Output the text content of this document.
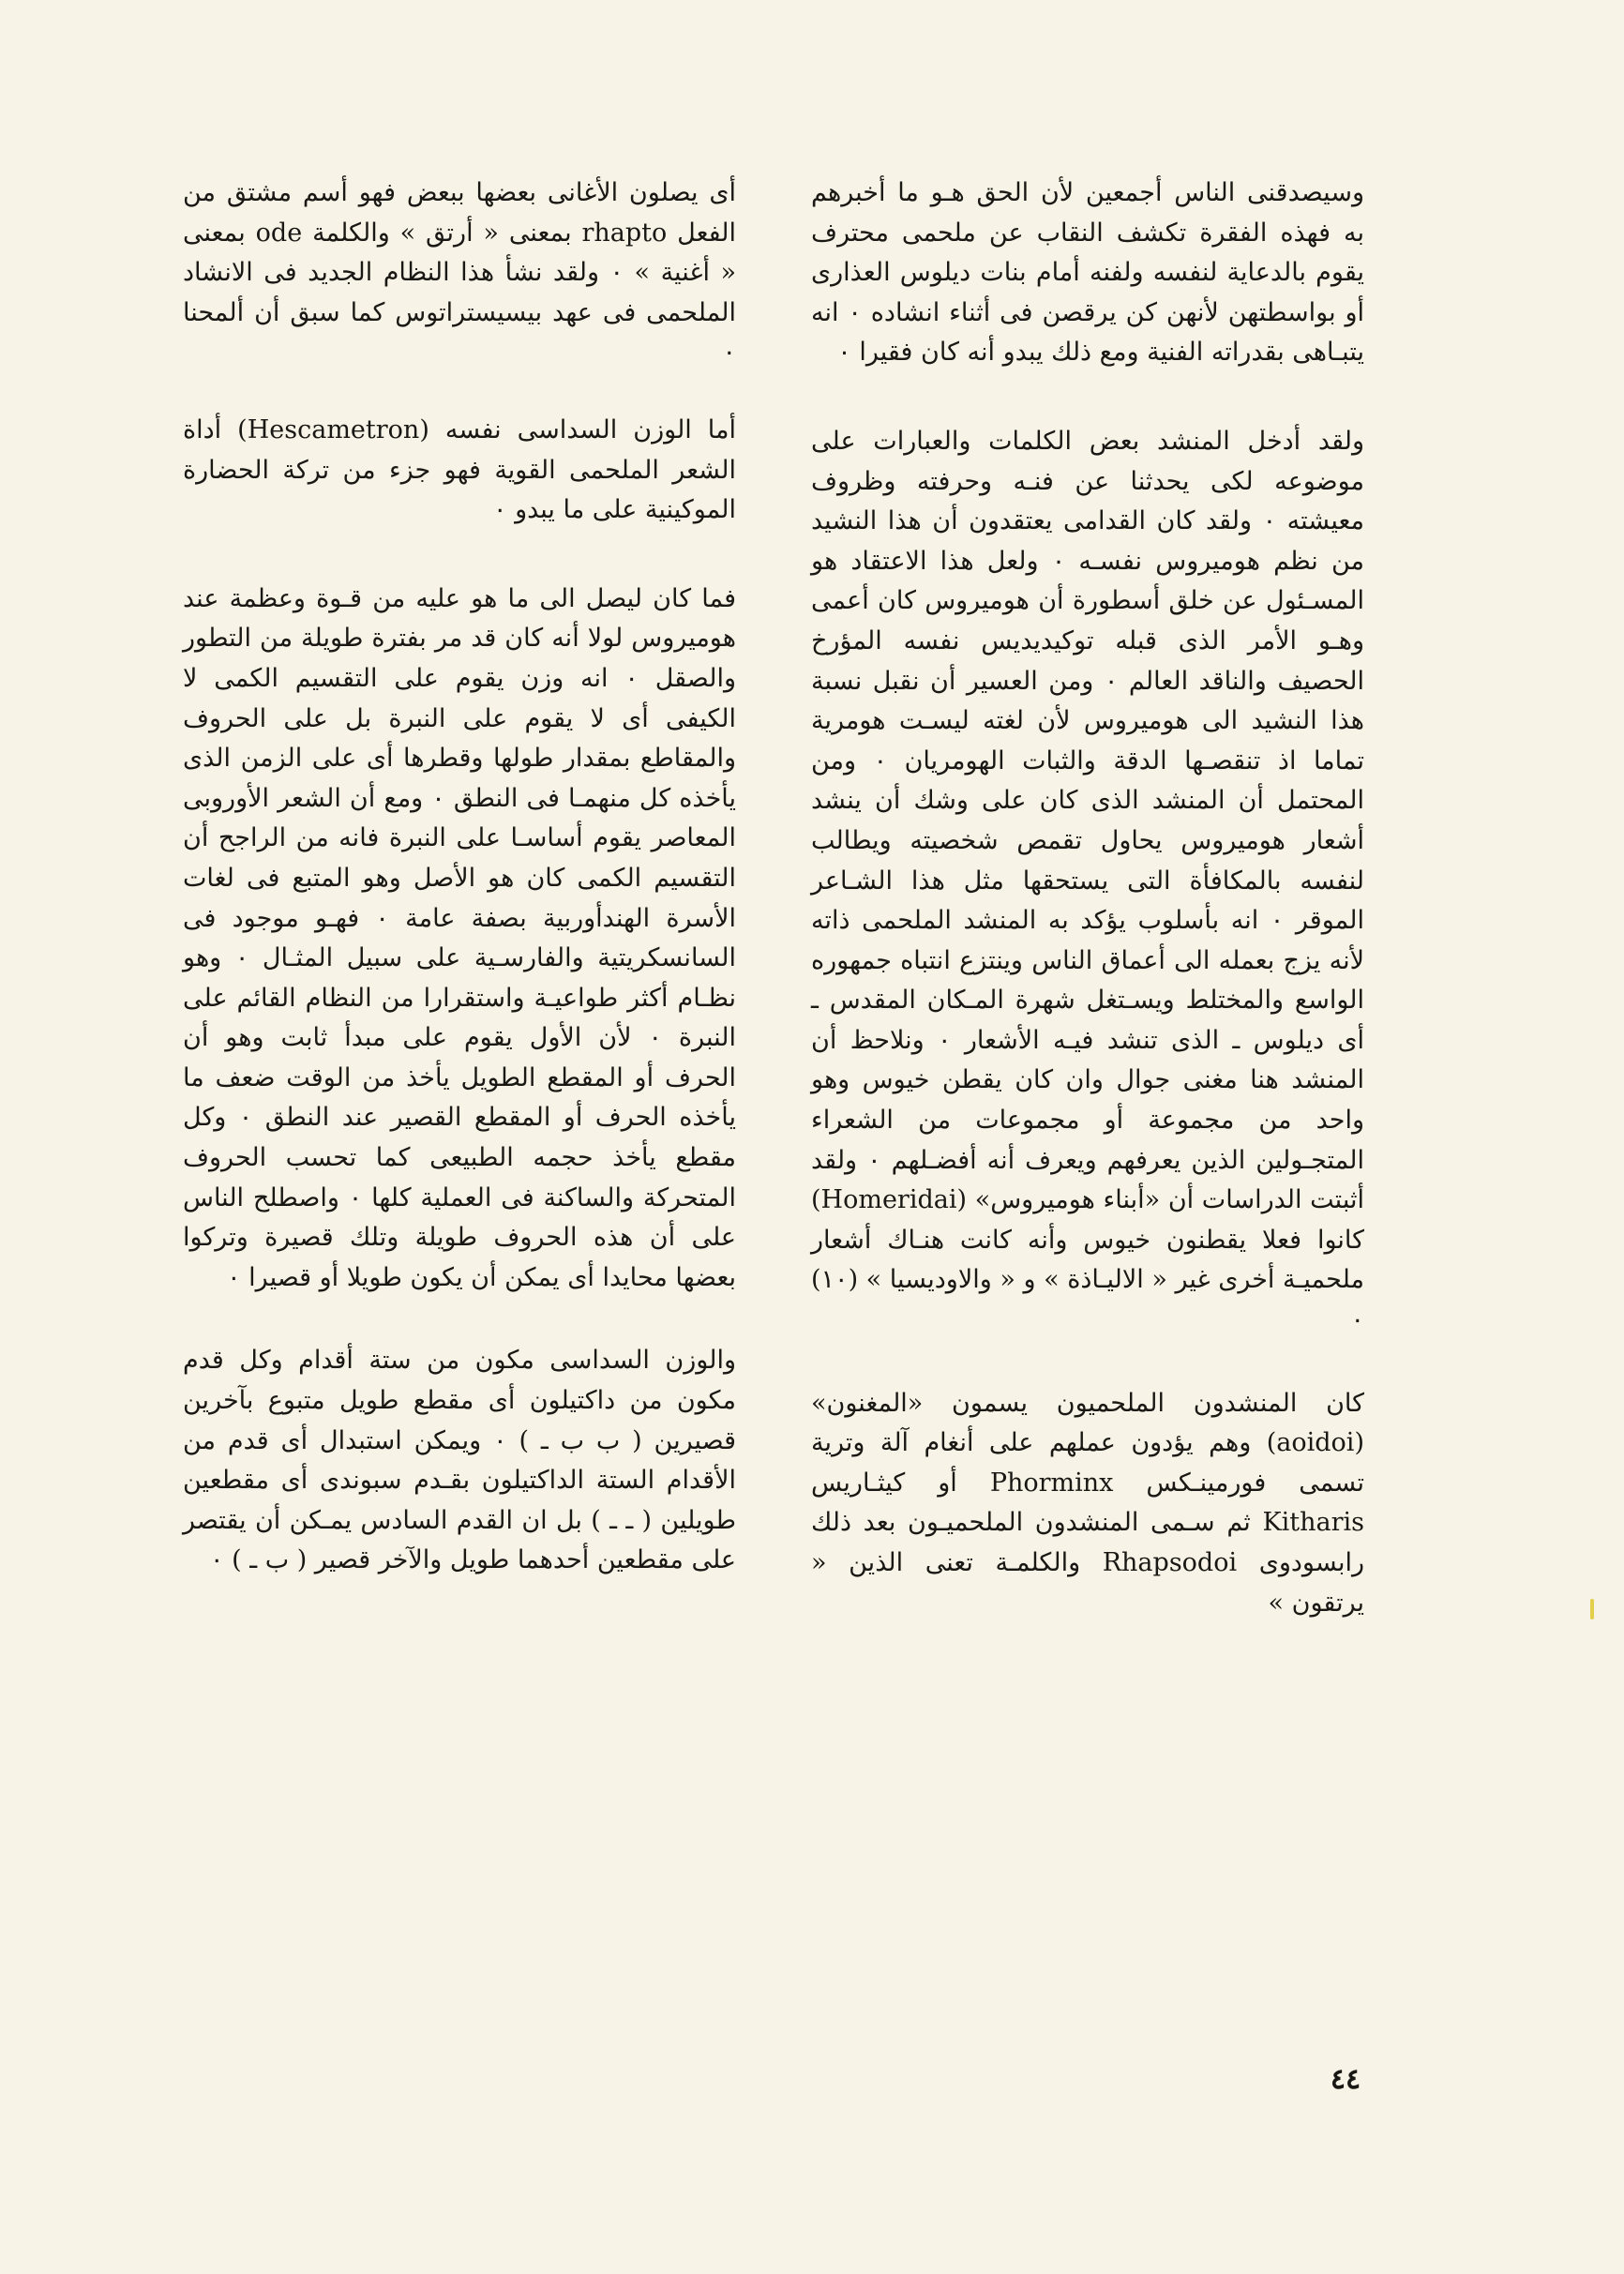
وسيصدقنى الناس أجمعين لأن الحق هـو ما أخبرهم به فهذه الفقرة تكشف النقاب عن ملحمى محترف يقوم بالدعاية لنفسه ولفنه أمام بنات ديلوس العذارى أو بواسطتهن لأنهن كن يرقصن فى أثناء انشاده ٠ انه يتبـاهى بقدراته الفنية ومع ذلك يبدو أنه كان فقيرا ٠

ولقد أدخل المنشد بعض الكلمات والعبارات على موضوعه لكى يحدثنا عن فنـه وحرفته وظروف معيشته ٠ ولقد كان القدامى يعتقدون أن هذا النشيد من نظم هوميروس نفسـه ٠ ولعل هذا الاعتقاد هو المسـئول عن خلق أسطورة أن هوميروس كان أعمى وهـو الأمر الذى قبله توكيديديس نفسه المؤرخ الحصيف والناقد العالم ٠ ومن العسير أن نقبل نسبة هذا النشيد الى هوميروس لأن لغته ليسـت هومرية تماما اذ تنقصـها الدقة والثبات الهومريان ٠ ومن المحتمل أن المنشد الذى كان على وشك أن ينشد أشعار هوميروس يحاول تقمص شخصيته ويطالب لنفسه بالمكافأة التى يستحقها مثل هذا الشـاعر الموقر ٠ انه بأسلوب يؤكد به المنشد الملحمى ذاته لأنه يزج بعمله الى أعماق الناس وينتزع انتباه جمهوره الواسع والمختلط ويسـتغل شهرة المـكان المقدس ـ أى ديلوس ـ الذى تنشد فيـه الأشعار ٠ ونلاحظ أن المنشد هنا مغنى جوال وان كان يقطن خيوس وهو واحد من مجموعة أو مجموعات من الشعراء المتجـولين الذين يعرفهم ويعرف أنه أفضـلهم ٠ ولقد أثبتت الدراسات أن «أبناء هوميروس» (Homeridai) كانوا فعلا يقطنون خيوس وأنه كانت هنـاك أشعار ملحميـة أخرى غير « الاليـاذة » و « والاوديسيا » (١٠) ٠

كان المنشدون الملحميون يسمون «المغنون» (aoidoi) وهم يؤدون عملهم على أنغام آلة وترية تسمى فورمينـكس Phorminx أو كيثـاريس Kitharis ثم سـمى المنشدون الملحميـون بعد ذلك رابسودوى Rhapsodoi والكلمـة تعنى الذين « يرتقون »

أى يصلون الأغانى بعضها ببعض فهو أسم مشتق من الفعل rhapto بمعنى « أرتق » والكلمة ode بمعنى « أغنية » ٠ ولقد نشأ هذا النظام الجديد فى الانشاد الملحمى فى عهد بيسيستراتوس كما سبق أن ألمحنا ٠

أما الوزن السداسى نفسه (Hescametron) أداة الشعر الملحمى القوية فهو جزء من تركة الحضارة الموكينية على ما يبدو ٠

فما كان ليصل الى ما هو عليه من قـوة وعظمة عند هوميروس لولا أنه كان قد مر بفترة طويلة من التطور والصقل ٠ انه وزن يقوم على التقسيم الكمى لا الكيفى أى لا يقوم على النبرة بل على الحروف والمقاطع بمقدار طولها وقطرها أى على الزمن الذى يأخذه كل منهمـا فى النطق ٠ ومع أن الشعر الأوروبى المعاصر يقوم أساسـا على النبرة فانه من الراجح أن التقسيم الكمى كان هو الأصل وهو المتبع فى لغات الأسرة الهندأوربية بصفة عامة ٠ فهـو موجود فى السانسكريتية والفارسـية على سبيل المثـال ٠ وهو نظـام أكثر طواعيـة واستقرارا من النظام القائم على النبرة ٠ لأن الأول يقوم على مبدأ ثابت وهو أن الحرف أو المقطع الطويل يأخذ من الوقت ضعف ما يأخذه الحرف أو المقطع القصير عند النطق ٠ وكل مقطع يأخذ حجمه الطبيعى كما تحسب الحروف المتحركة والساكنة فى العملية كلها ٠ واصطلح الناس على أن هذه الحروف طويلة وتلك قصيرة وتركوا بعضها محايدا أى يمكن أن يكون طويلا أو قصيرا ٠

والوزن السداسى مكون من ستة أقدام وكل قدم مكون من داكتيلون أى مقطع طويل متبوع بآخرين قصيرين ( ب ب ـ ) ٠ ويمكن استبدال أى قدم من الأقدام الستة الداكتيلون بقـدم سبوندى أى مقطعين طويلين ( ـ ـ ) بل ان القدم السادس يمـكن أن يقتصر على مقطعين أحدهما طويل والآخر قصير ( ب ـ ) ٠

٤٤
